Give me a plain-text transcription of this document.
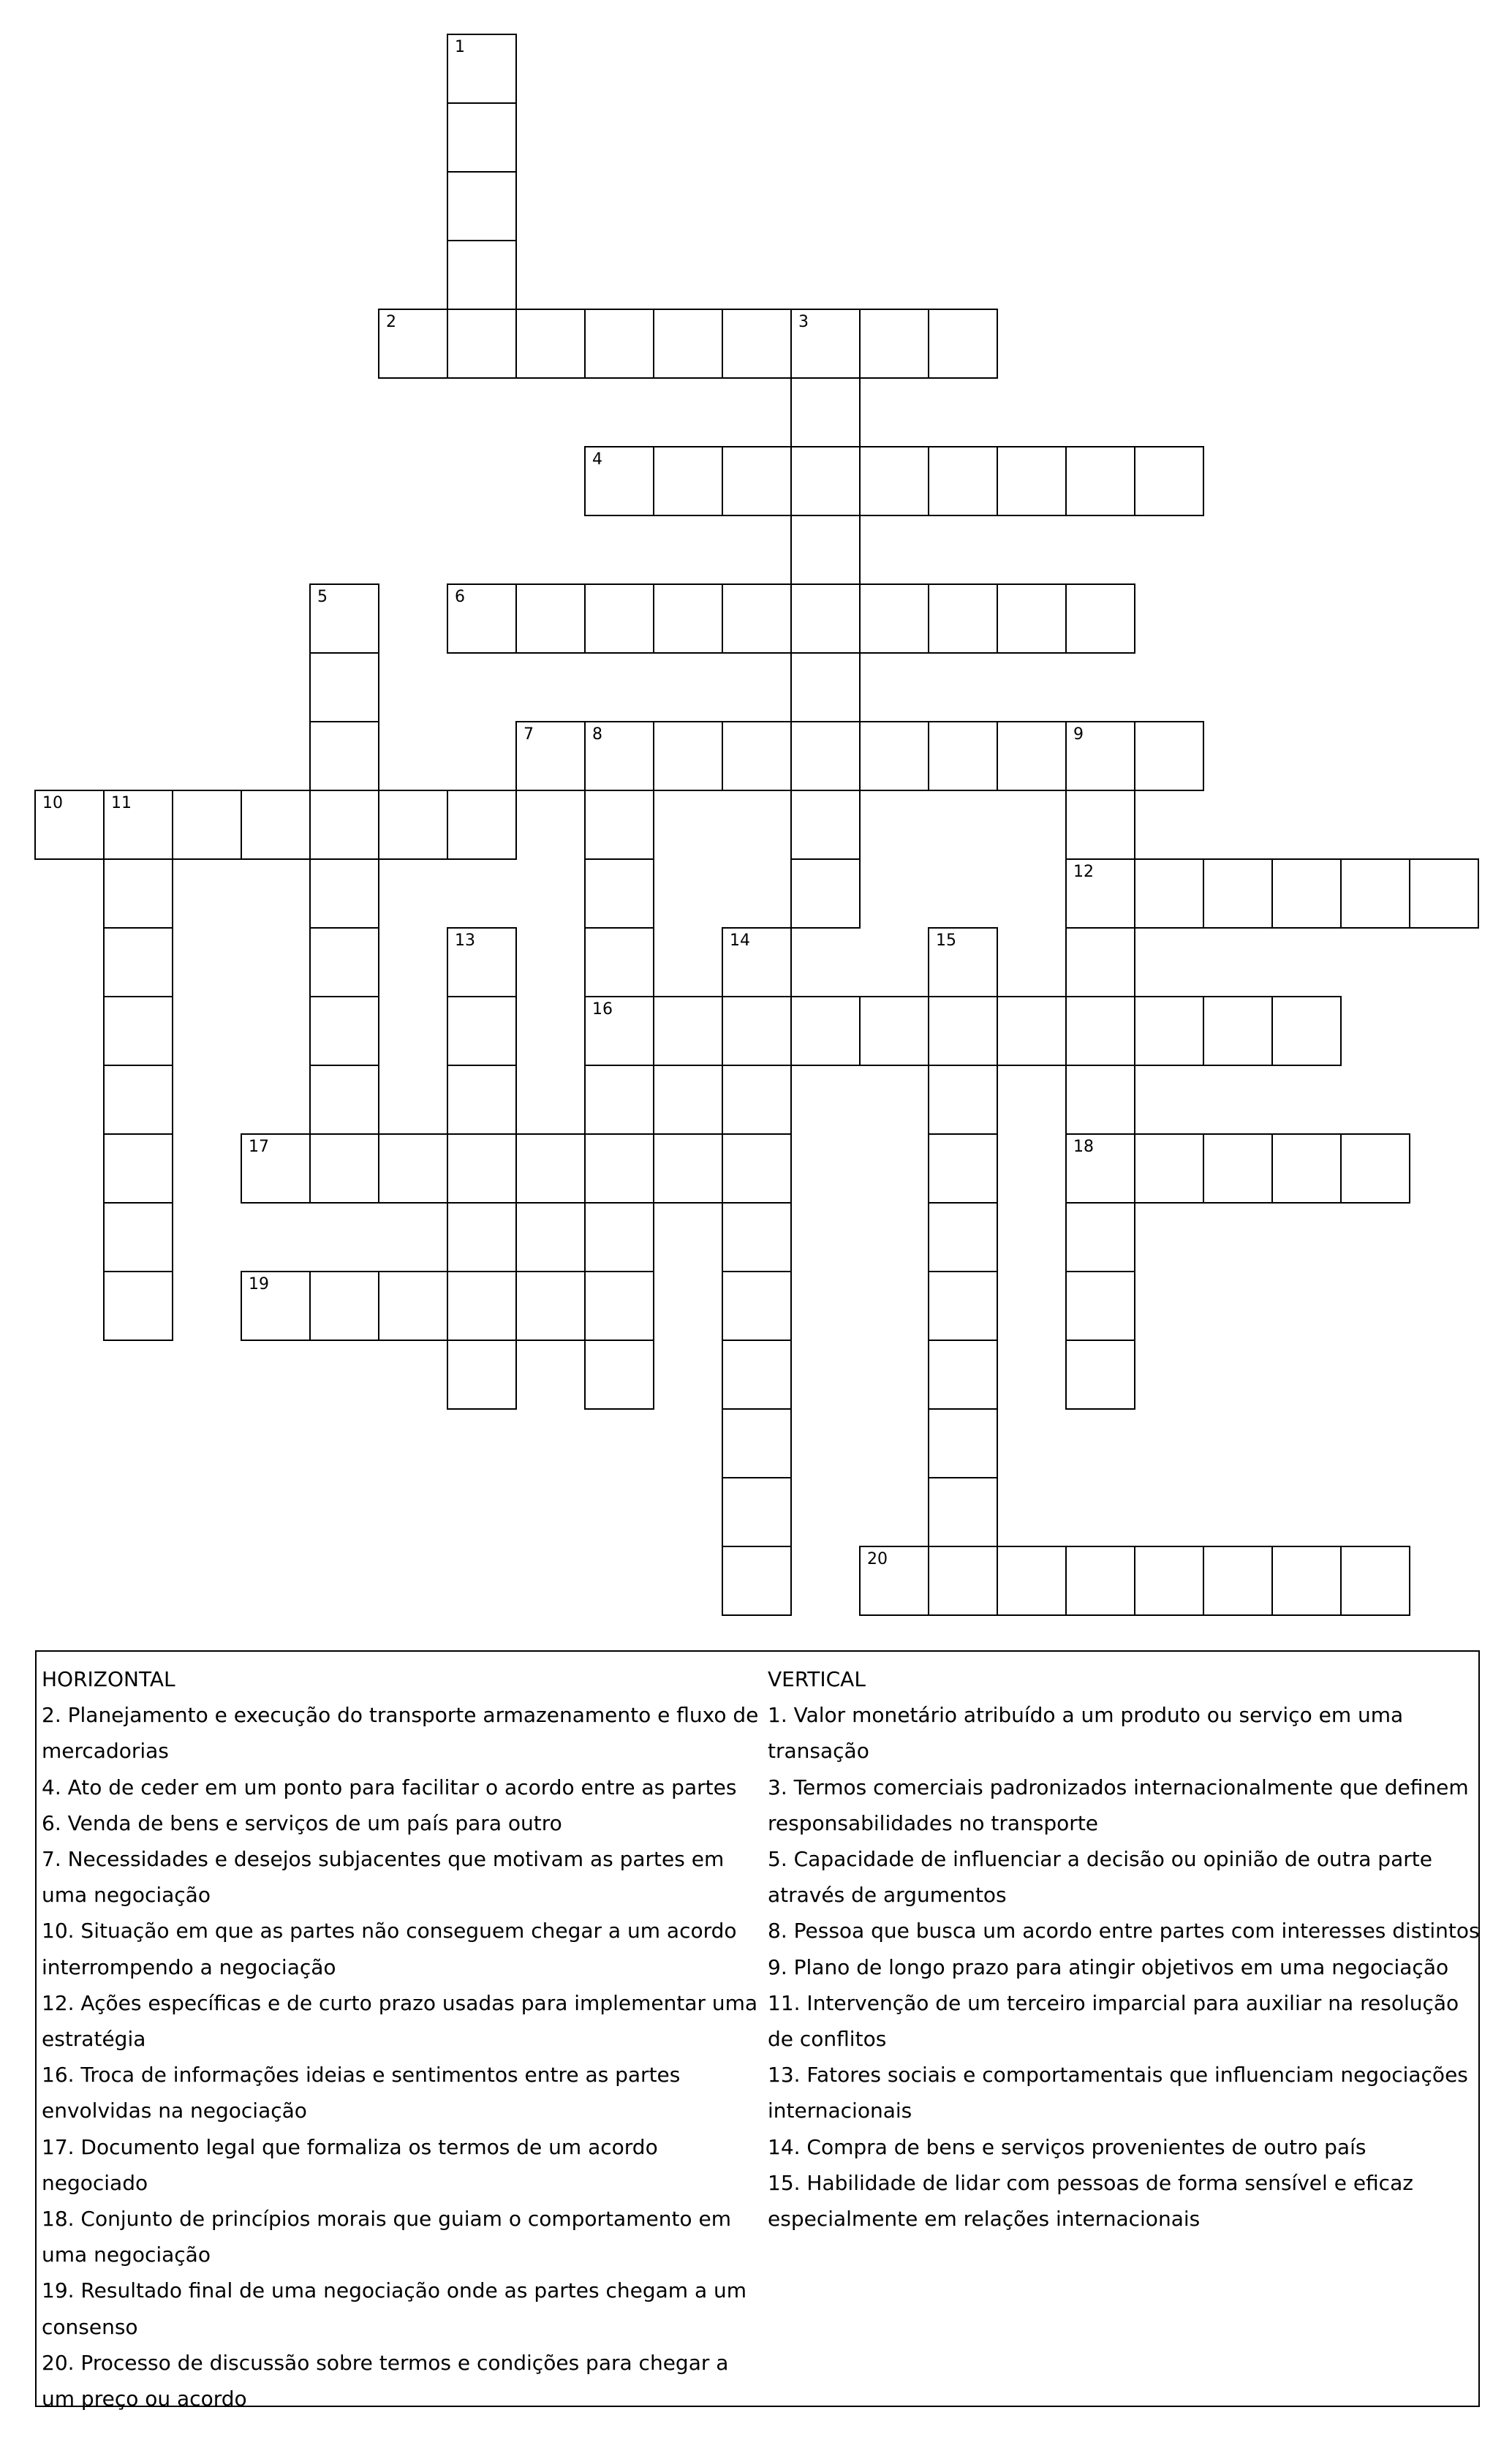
1
2	3
4
5	6
7	8	9
10	11
12
13	14	15
16
17	18
19
20
HORIZONTAL
2. Planejamento e execução do transporte armazenamento e fluxo de mercadorias
4. Ato de ceder em um ponto para facilitar o acordo entre as partes
6. Venda de bens e serviços de um país para outro
7. Necessidades e desejos subjacentes que motivam as partes em uma negociação
10. Situação em que as partes não conseguem chegar a um acordo interrompendo a negociação
12. Ações específicas e de curto prazo usadas para implementar uma estratégia
16. Troca de informações ideias e sentimentos entre as partes envolvidas na negociação
17. Documento legal que formaliza os termos de um acordo negociado
18. Conjunto de princípios morais que guiam o comportamento em uma negociação
19. Resultado final de uma negociação onde as partes chegam a um consenso
20. Processo de discussão sobre termos e condições para chegar a um preço ou acordo
VERTICAL
1. Valor monetário atribuído a um produto ou serviço em uma transação
3. Termos comerciais padronizados internacionalmente que definem responsabilidades no transporte
5. Capacidade de influenciar a decisão ou opinião de outra parte através de argumentos
8. Pessoa que busca um acordo entre partes com interesses distintos
9. Plano de longo prazo para atingir objetivos em uma negociação
11. Intervenção de um terceiro imparcial para auxiliar na resolução de conflitos
13. Fatores sociais e comportamentais que influenciam negociações internacionais
14. Compra de bens e serviços provenientes de outro país
15. Habilidade de lidar com pessoas de forma sensível e eficaz especialmente em relações internacionais
